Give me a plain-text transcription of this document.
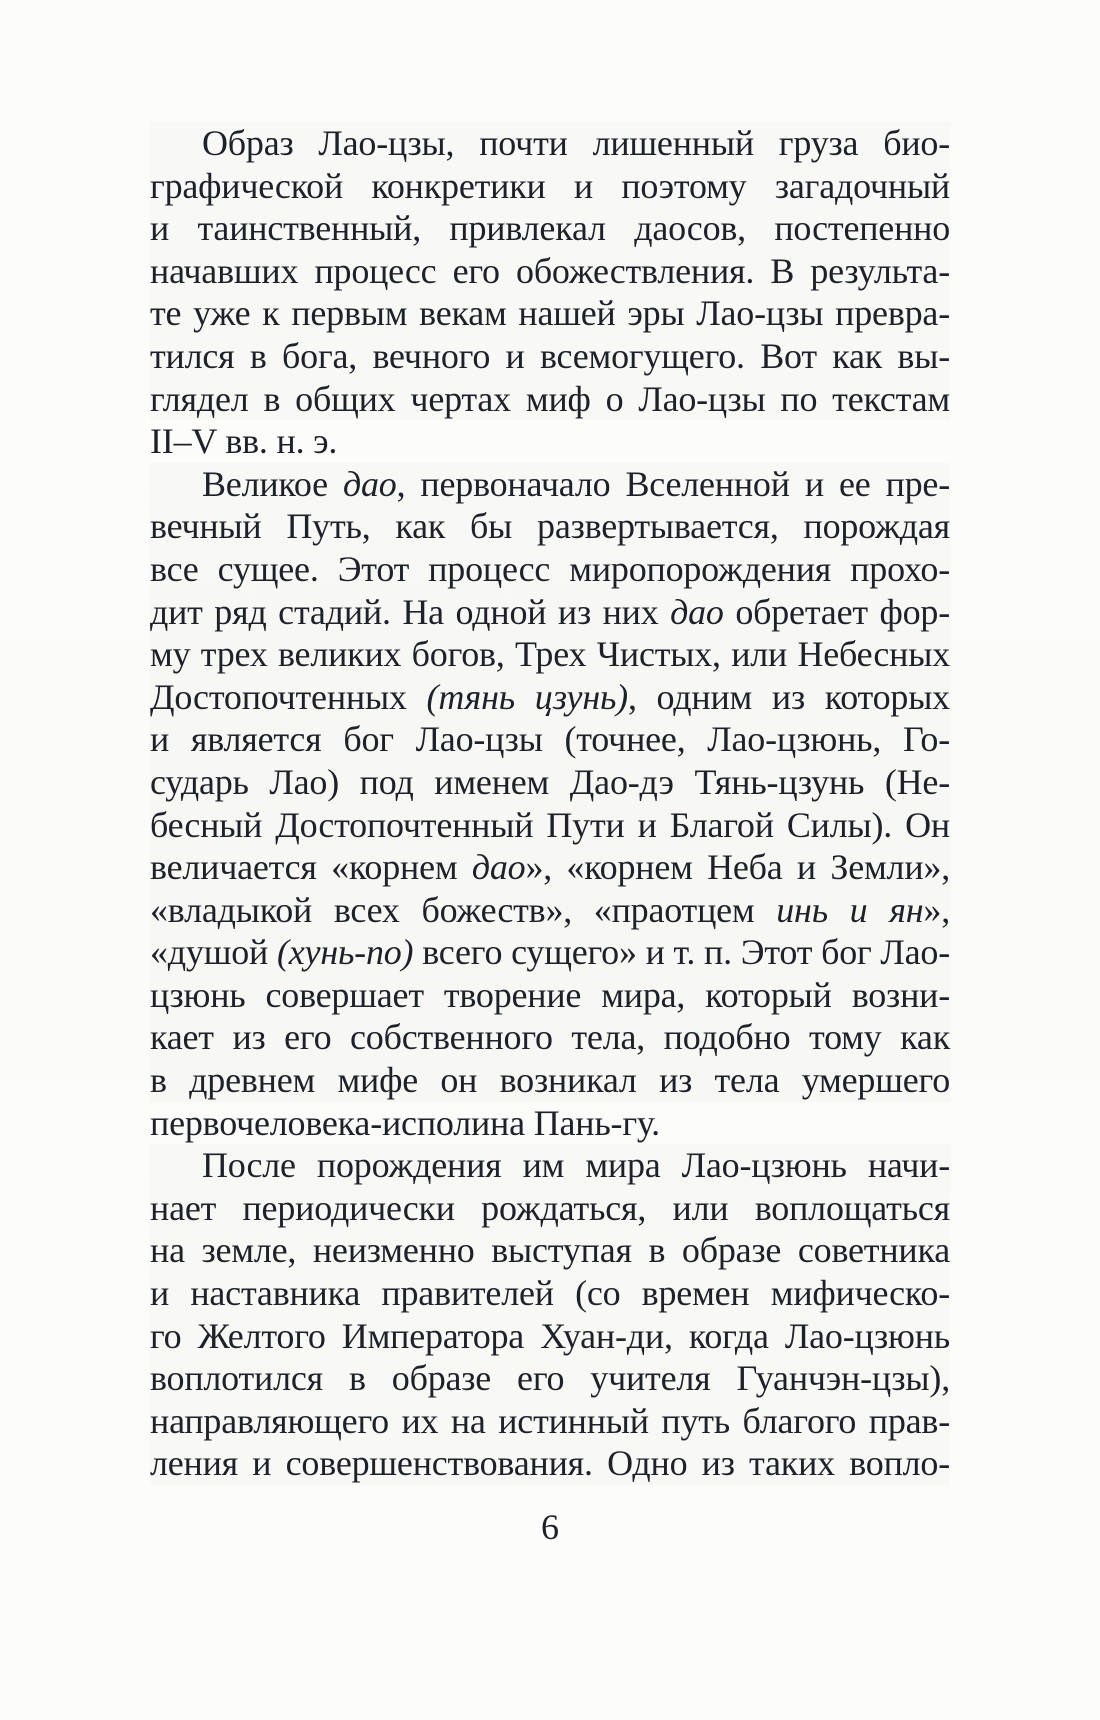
Образ Лао-цзы, почти лишенный груза био-
графической конкретики и поэтому загадочный
и таинственный, привлекал даосов, постепенно
начавших процесс его обожествления. В результа-
те уже к первым векам нашей эры Лао-цзы превра-
тился в бога, вечного и всемогущего. Вот как вы-
глядел в общих чертах миф о Лао-цзы по текстам
II–V вв. н. э.
Великое дао, первоначало Вселенной и ее пре-
вечный Путь, как бы развертывается, порождая
все сущее. Этот процесс миропорождения прохо-
дит ряд стадий. На одной из них дао обретает фор-
му трех великих богов, Трех Чистых, или Небесных
Достопочтенных (тянь цзунь), одним из которых
и является бог Лао-цзы (точнее, Лао-цзюнь, Го-
сударь Лао) под именем Дао-дэ Тянь-цзунь (Не-
бесный Достопочтенный Пути и Благой Силы). Он
величается «корнем дао», «корнем Неба и Земли»,
«владыкой всех божеств», «праотцем инь и ян»,
«душой (хунь-по) всего сущего» и т. п. Этот бог Лао-
цзюнь совершает творение мира, который возни-
кает из его собственного тела, подобно тому как
в древнем мифе он возникал из тела умершего
первочеловека-исполина Пань-гу.
После порождения им мира Лао-цзюнь начи-
нает периодически рождаться, или воплощаться
на земле, неизменно выступая в образе советника
и наставника правителей (со времен мифическо-
го Желтого Императора Хуан-ди, когда Лао-цзюнь
воплотился в образе его учителя Гуанчэн-цзы),
направляющего их на истинный путь благого прав-
ления и совершенствования. Одно из таких вопло-
6
